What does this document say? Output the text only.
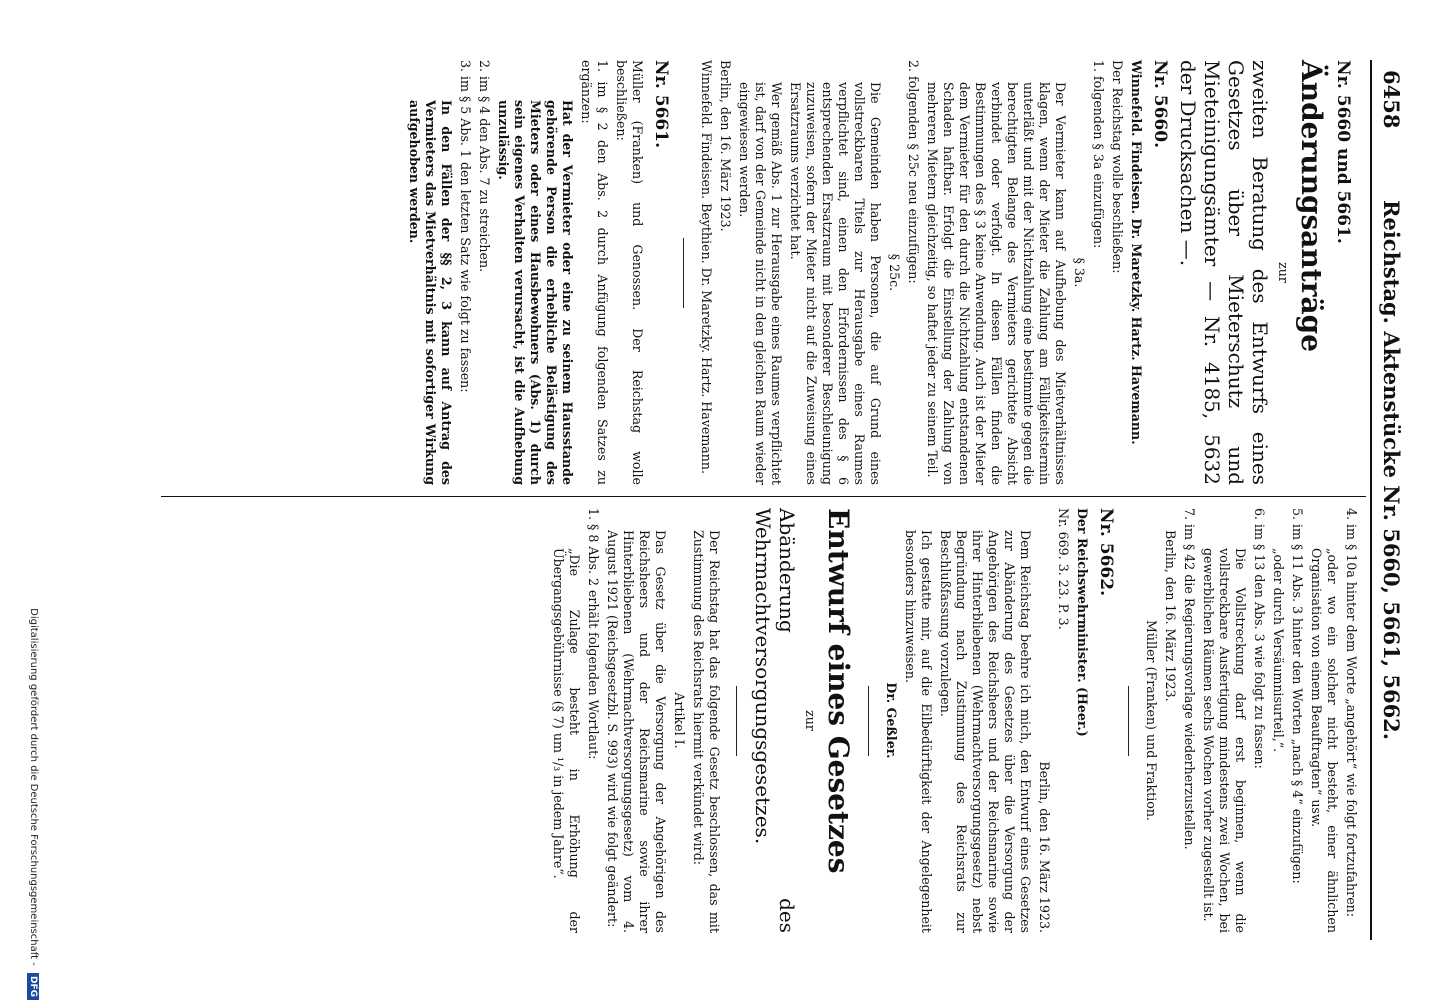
6458
Reichstag. Aktenstücke Nr. 5660, 5661, 5662.

Nr. 5660 und 5661.

Änderungsanträge

zur

zweiten Beratung des Entwurfs eines Gesetzes über Mieterschutz und Mieteinigungsämter — Nr. 4185, 5632 der Drucksachen —.

Nr. 5660.

Winnefeld. Findeisen. Dr. Maretzky. Hartz. Havemann.

Der Reichstag wolle beschließen:

1. folgenden § 3a einzufügen:

§ 3a.

Der Vermieter kann auf Aufhebung des Mietverhältnisses klagen, wenn der Mieter die Zahlung am Fälligkeitstermin unterläßt und mit der Nichtzahlung eine bestimmte gegen die berechtigten Belange des Vermieters gerichtete Absicht verbindet oder verfolgt. In diesen Fällen finden die Bestimmungen des § 3 keine Anwendung. Auch ist der Mieter dem Vermieter für den durch die Nichtzahlung entstandenen Schaden haftbar. Erfolgt die Einstellung der Zahlung von mehreren Mietern gleichzeitig, so haftet jeder zu seinem Teil.

2. folgenden § 25c neu einzufügen:

§ 25c.

Die Gemeinden haben Personen, die auf Grund eines vollstreckbaren Titels zur Herausgabe eines Raumes verpflichtet sind, einen den Erfordernissen des § 6 entsprechenden Ersatzraum mit besonderer Beschleunigung zuzuweisen, sofern der Mieter nicht auf die Zuweisung eines Ersatzraums verzichtet hat.

Wer gemäß Abs. 1 zur Herausgabe eines Raumes verpflichtet ist, darf von der Gemeinde nicht in den gleichen Raum wieder eingewiesen werden.

Berlin, den 16. März 1923.

Winnefeld. Findeisen. Beythien. Dr. Maretzky. Hartz. Havemann.

Nr. 5661.

Müller (Franken) und Genossen. Der Reichstag wolle beschließen:

1. im § 2 den Abs. 2 durch Anfügung folgenden Satzes zu ergänzen:

Hat der Vermieter oder eine zu seinem Hausstande gehörende Person die erhebliche Belästigung des Mieters oder eines Hausbewohners (Abs. 1) durch sein eigenes Verhalten verursacht, ist die Aufhebung unzulässig.

2. im § 4 den Abs. 7 zu streichen.

3. im § 5 Abs. 1 den letzten Satz wie folgt zu fassen:

In den Fällen der §§ 2, 3 kann auf Antrag des Vermieters das Mietverhältnis mit sofortiger Wirkung aufgehoben werden.

4. im § 10a hinter dem Worte „angehört“ wie folgt fortzufahren:

„oder wo ein solcher nicht besteht, einer ähnlichen Organisation von einem Beauftragten“ usw.

5. im § 11 Abs. 3 hinter den Worten „nach § 4“ einzufügen:

„oder durch Versäumnisurteil,“.

6. im § 13 den Abs. 3 wie folgt zu fassen:

Die Vollstreckung darf erst beginnen, wenn die vollstreckbare Ausfertigung mindestens zwei Wochen, bei gewerblichen Räumen sechs Wochen vorher zugestellt ist.

7. im § 42 die Regierungsvorlage wiederherzustellen.

Berlin, den 16. März 1923.

Müller (Franken) und Fraktion.

Nr. 5662.

Der Reichswehrminister. (Heer.)

Nr. 669. 3. 23. P. 3.

Berlin, den 16. März 1923.

Dem Reichstag beehre ich mich, den Entwurf eines Gesetzes zur Abänderung des Gesetzes über die Versorgung der Angehörigen des Reichsheers und der Reichsmarine sowie ihrer Hinterbliebenen (Wehrmachtversorgungsgesetz) nebst Begründung nach Zustimmung des Reichsrats zur Beschlußfassung vorzulegen.

Ich gestatte mir, auf die Eilbedürftigkeit der Angelegenheit besonders hinzuweisen.

Dr. Geßler.

Entwurf eines Gesetzes

zur

Abänderung des Wehrmachtversorgungsgesetzes.

Der Reichstag hat das folgende Gesetz beschlossen, das mit Zustimmung des Reichsrats hiermit verkündet wird:

Artikel I.

Das Gesetz über die Versorgung der Angehörigen des Reichsheers und der Reichsmarine sowie ihrer Hinterbliebenen (Wehrmachtversorgungsgesetz) vom 4. August 1921 (Reichsgesetzbl. S. 993) wird wie folgt geändert:

1. § 8 Abs. 2 erhält folgenden Wortlaut:

„Die Zulage besteht in Erhöhung der Übergangsgebührnisse (§ 7) um ¹/₃ in jedem Jahre“.

Digitalisierung gefördert durch die Deutsche Forschungsgemeinschaft - DFG
